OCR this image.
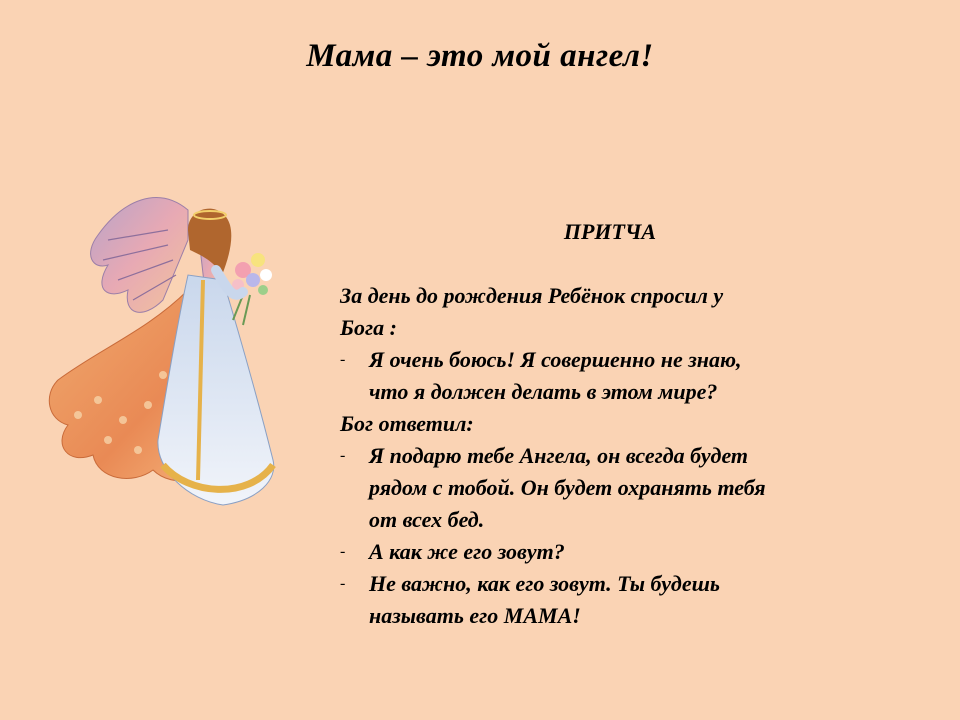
Мама – это мой ангел!

ПРИТЧА

За день до рождения Ребёнок спросил у
Бога :

- Я очень боюсь! Я совершенно не знаю,
что я должен делать в этом мире?

Бог ответил:

- Я подарю тебе Ангела, он всегда будет
рядом с тобой. Он будет охранять тебя
от всех бед.
- А как же его зовут?
- Не важно, как его зовут. Ты будешь
называть его МАМА!
